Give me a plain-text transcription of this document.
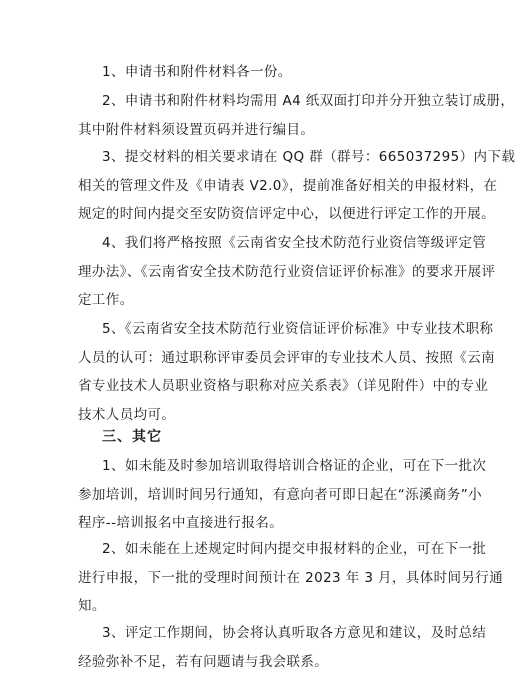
1、申请书和附件材料各一份。
2、申请书和附件材料均需用 A4 纸双面打印并分开独立装订成册，
其中附件材料须设置页码并进行编目。
3、提交材料的相关要求请在 QQ 群（群号：665037295）内下载
相关的管理文件及《申请表 V2.0》，提前准备好相关的申报材料，在
规定的时间内提交至安防资信评定中心，以便进行评定工作的开展。
4、我们将严格按照《云南省安全技术防范行业资信等级评定管
理办法》、《云南省安全技术防范行业资信证评价标准》的要求开展评
定工作。
5、《云南省安全技术防范行业资信证评价标准》中专业技术职称
人员的认可：通过职称评审委员会评审的专业技术人员、按照《云南
省专业技术人员职业资格与职称对应关系表》（详见附件）中的专业
技术人员均可。
三、其它
1、如未能及时参加培训取得培训合格证的企业，可在下一批次
参加培训，培训时间另行通知，有意向者可即日起在“泺溪商务”小
程序--培训报名中直接进行报名。
2、如未能在上述规定时间内提交申报材料的企业，可在下一批
进行申报，下一批的受理时间预计在 2023 年 3 月，具体时间另行通
知。
3、评定工作期间，协会将认真听取各方意见和建议，及时总结
经验弥补不足，若有问题请与我会联系。
